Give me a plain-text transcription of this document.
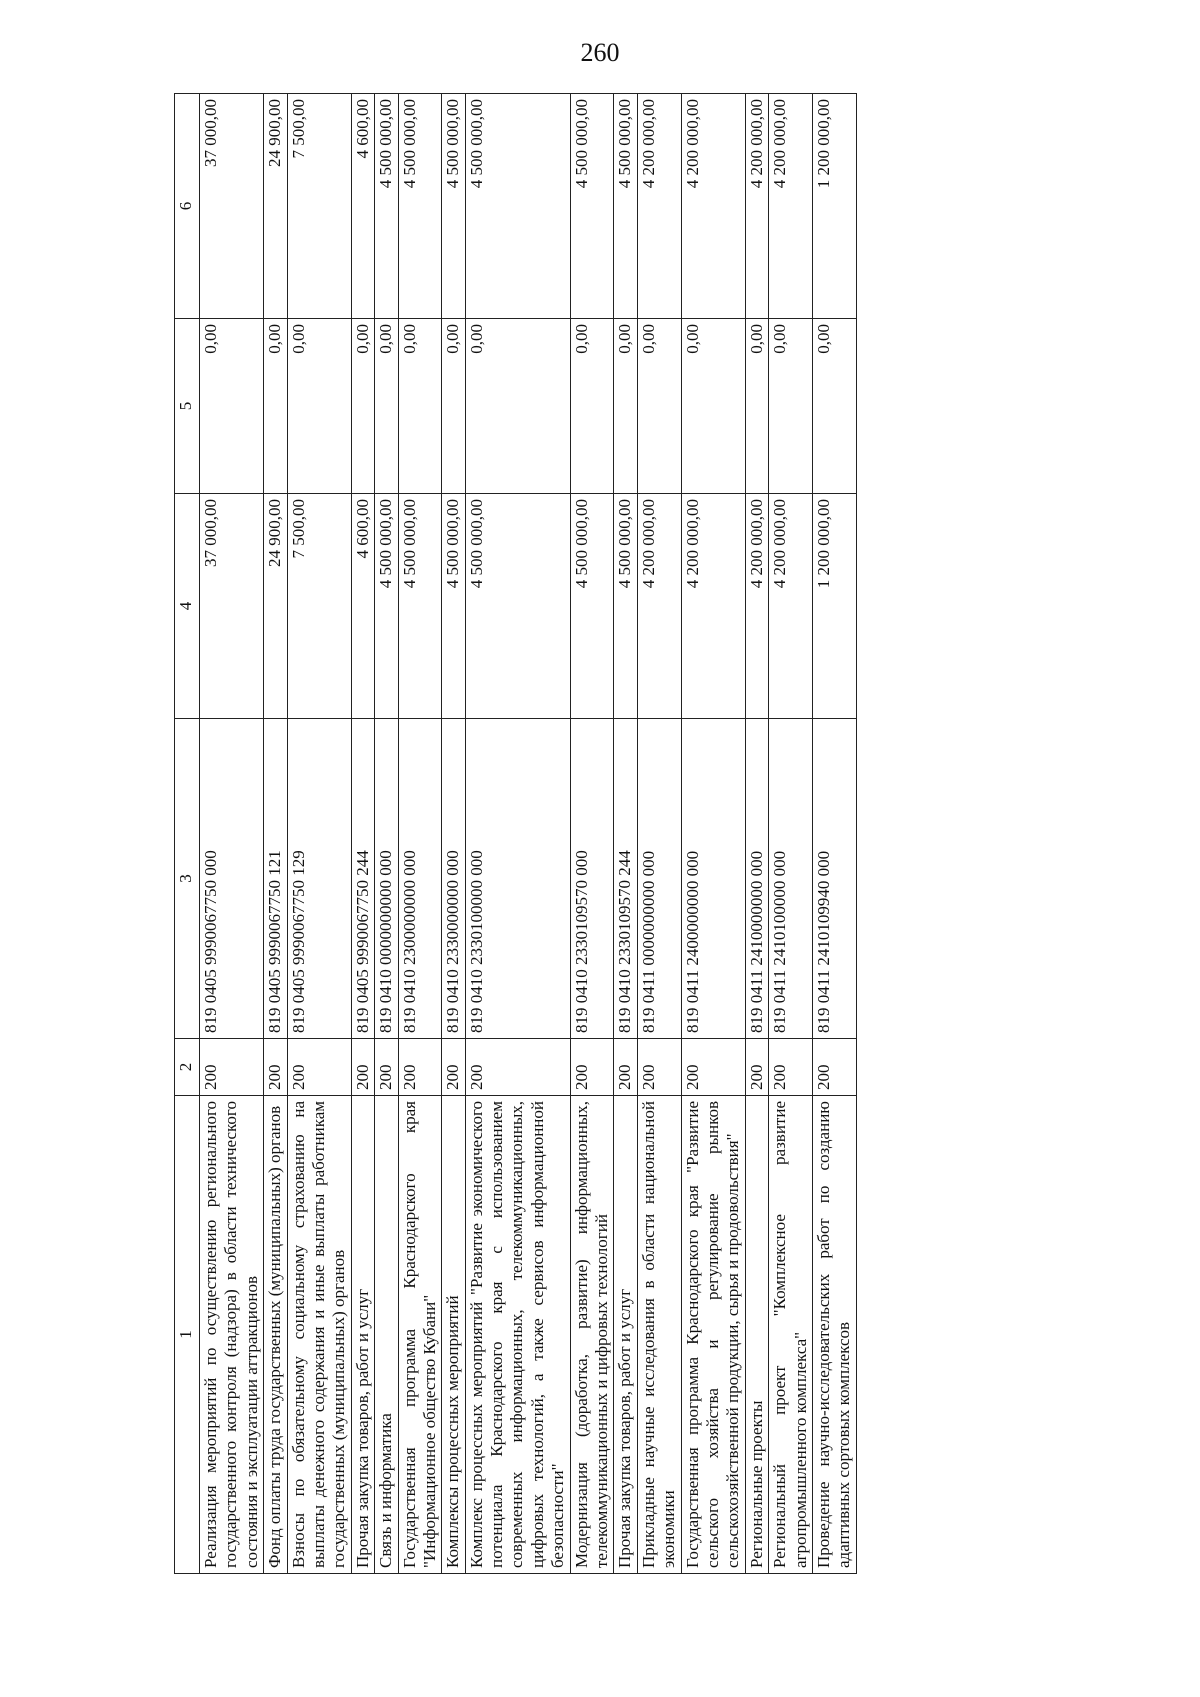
260
1	2	3	4	5	6
Реализация мероприятий по осуществлению регионального государственного контроля (надзора) в области технического состояния и эксплуатации аттракционов	200	819 0405 9990067750 000	37 000,00	0,00	37 000,00
Фонд оплаты труда государственных (муниципальных) органов	200	819 0405 9990067750 121	24 900,00	0,00	24 900,00
Взносы по обязательному социальному страхованию на выплаты денежного содержания и иные выплаты работникам государственных (муниципальных) органов	200	819 0405 9990067750 129	7 500,00	0,00	7 500,00
Прочая закупка товаров, работ и услуг	200	819 0405 9990067750 244	4 600,00	0,00	4 600,00
Связь и информатика	200	819 0410 0000000000 000	4 500 000,00	0,00	4 500 000,00
Государственная программа Краснодарского края "Информационное общество Кубани"	200	819 0410 2300000000 000	4 500 000,00	0,00	4 500 000,00
Комплексы процессных мероприятий	200	819 0410 2330000000 000	4 500 000,00	0,00	4 500 000,00
Комплекс процессных мероприятий "Развитие экономического потенциала Краснодарского края с использованием современных информационных, телекоммуникационных, цифровых технологий, а также сервисов информационной безопасности"	200	819 0410 2330100000 000	4 500 000,00	0,00	4 500 000,00
Модернизация (доработка, развитие) информационных, телекоммуникационных и цифровых технологий	200	819 0410 2330109570 000	4 500 000,00	0,00	4 500 000,00
Прочая закупка товаров, работ и услуг	200	819 0410 2330109570 244	4 500 000,00	0,00	4 500 000,00
Прикладные научные исследования в области национальной экономики	200	819 0411 0000000000 000	4 200 000,00	0,00	4 200 000,00
Государственная программа Краснодарского края "Развитие сельского хозяйства и регулирование рынков сельскохозяйственной продукции, сырья и продовольствия"	200	819 0411 2400000000 000	4 200 000,00	0,00	4 200 000,00
Региональные проекты	200	819 0411 2410000000 000	4 200 000,00	0,00	4 200 000,00
Региональный проект "Комплексное развитие агропромышленного комплекса"	200	819 0411 2410100000 000	4 200 000,00	0,00	4 200 000,00
Проведение научно-исследовательских работ по созданию адаптивных сортовых комплексов	200	819 0411 2410109940 000	1 200 000,00	0,00	1 200 000,00
